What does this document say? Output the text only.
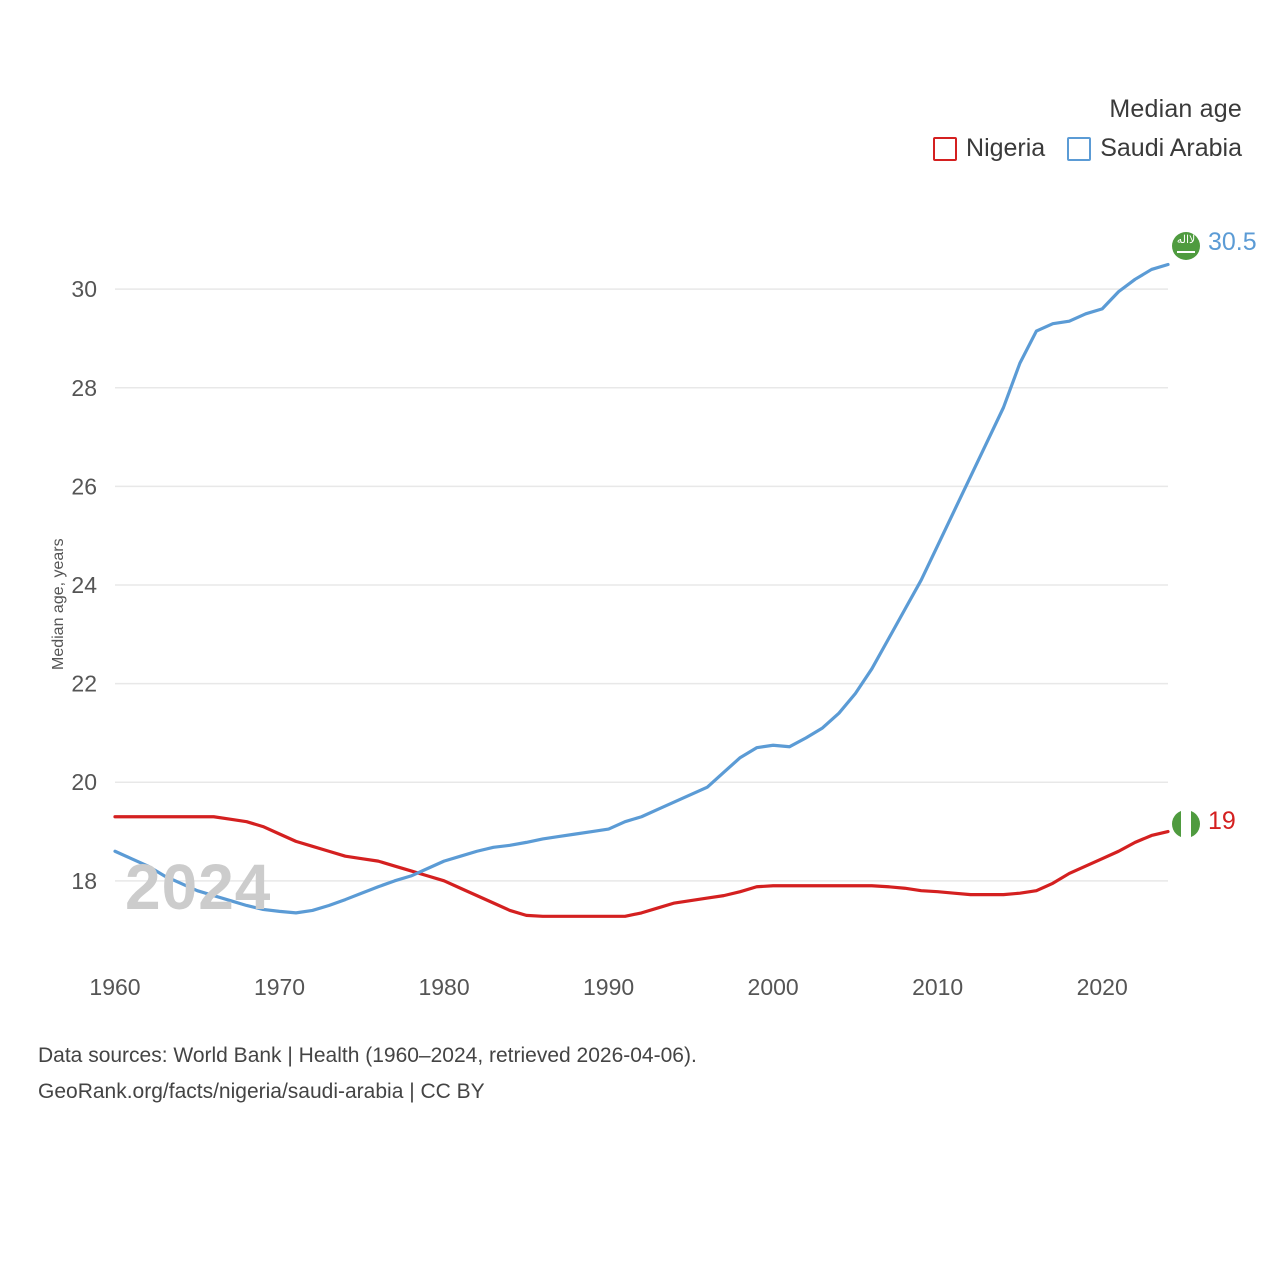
Median age
Nigeria Saudi Arabia
18
20
22
24
26
28
30
1960	1970	1980	1990	2000	2010	2020
Median age, years
2024
لااله 30.5
19
Data sources: World Bank | Health (1960–2024, retrieved 2026-04-06).
GeoRank.org/facts/nigeria/saudi-arabia | CC BY
